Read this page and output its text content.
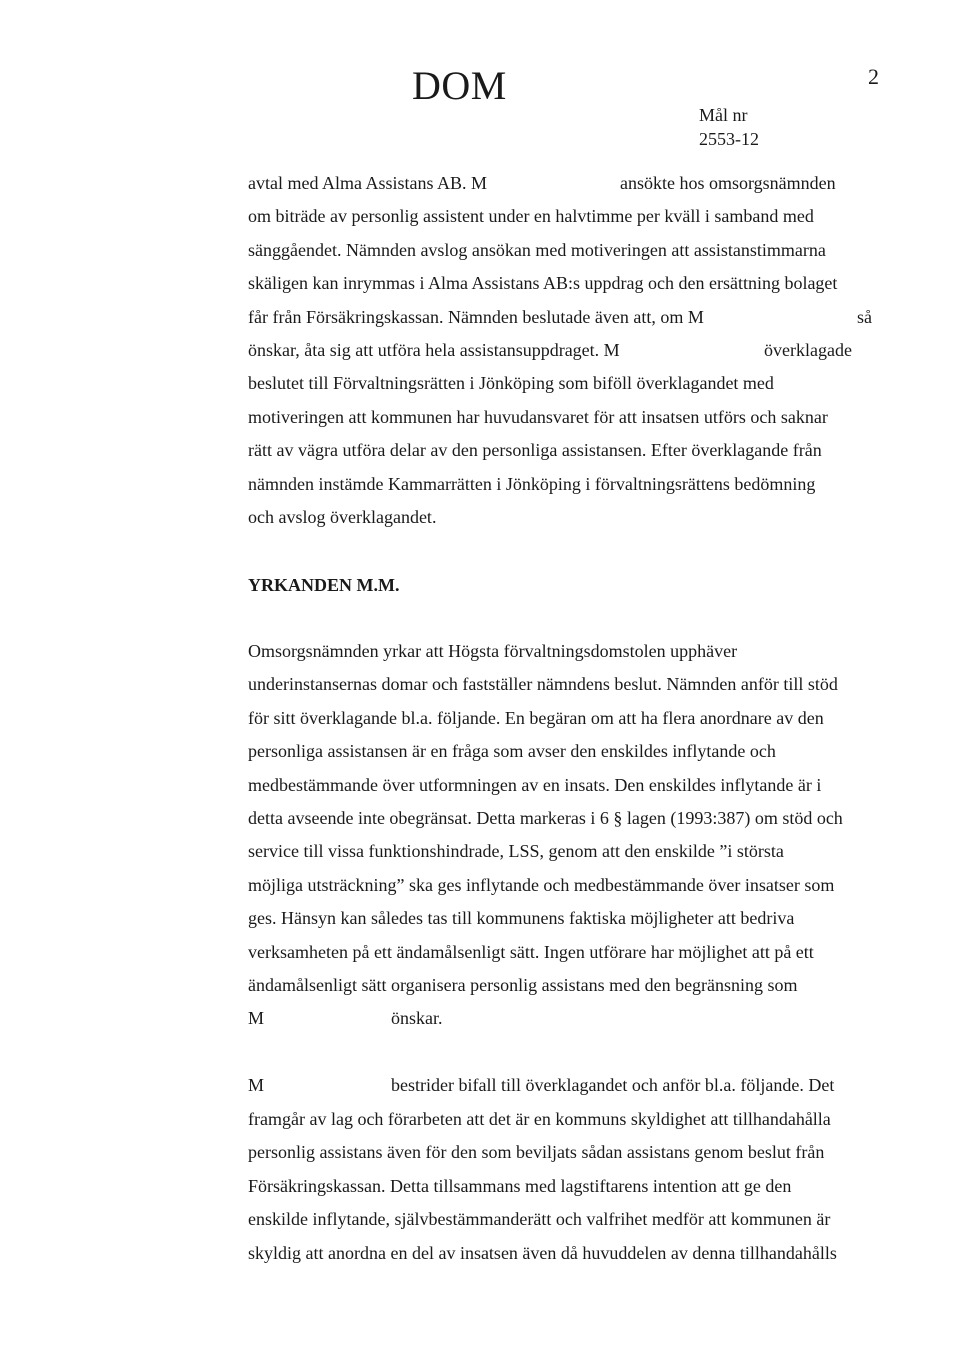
DOM	2
Mål nr
2553-12
avtal med Alma Assistans AB. M	ansökte hos omsorgsnämnden
om biträde av personlig assistent under en halvtimme per kväll i samband med
sänggåendet. Nämnden avslog ansökan med motiveringen att assistanstimmarna
skäligen kan inrymmas i Alma Assistans AB:s uppdrag och den ersättning bolaget
får från Försäkringskassan. Nämnden beslutade även att, om M	så
önskar, åta sig att utföra hela assistansuppdraget. M	överklagade
beslutet till Förvaltningsrätten i Jönköping som biföll överklagandet med
motiveringen att kommunen har huvudansvaret för att insatsen utförs och saknar
rätt av vägra utföra delar av den personliga assistansen. Efter överklagande från
nämnden instämde Kammarrätten i Jönköping i förvaltningsrättens bedömning
och avslog överklagandet.
YRKANDEN M.M.
Omsorgsnämnden yrkar att Högsta förvaltningsdomstolen upphäver
underinstansernas domar och fastställer nämndens beslut. Nämnden anför till stöd
för sitt överklagande bl.a. följande. En begäran om att ha flera anordnare av den
personliga assistansen är en fråga som avser den enskildes inflytande och
medbestämmande över utformningen av en insats. Den enskildes inflytande är i
detta avseende inte obegränsat. Detta markeras i 6 § lagen (1993:387) om stöd och
service till vissa funktionshindrade, LSS, genom att den enskilde ”i största
möjliga utsträckning” ska ges inflytande och medbestämmande över insatser som
ges. Hänsyn kan således tas till kommunens faktiska möjligheter att bedriva
verksamheten på ett ändamålsenligt sätt. Ingen utförare har möjlighet att på ett
ändamålsenligt sätt organisera personlig assistans med den begränsning som
M	önskar.
M	bestrider bifall till överklagandet och anför bl.a. följande. Det
framgår av lag och förarbeten att det är en kommuns skyldighet att tillhandahålla
personlig assistans även för den som beviljats sådan assistans genom beslut från
Försäkringskassan. Detta tillsammans med lagstiftarens intention att ge den
enskilde inflytande, självbestämmanderätt och valfrihet medför att kommunen är
skyldig att anordna en del av insatsen även då huvuddelen av denna tillhandahålls
